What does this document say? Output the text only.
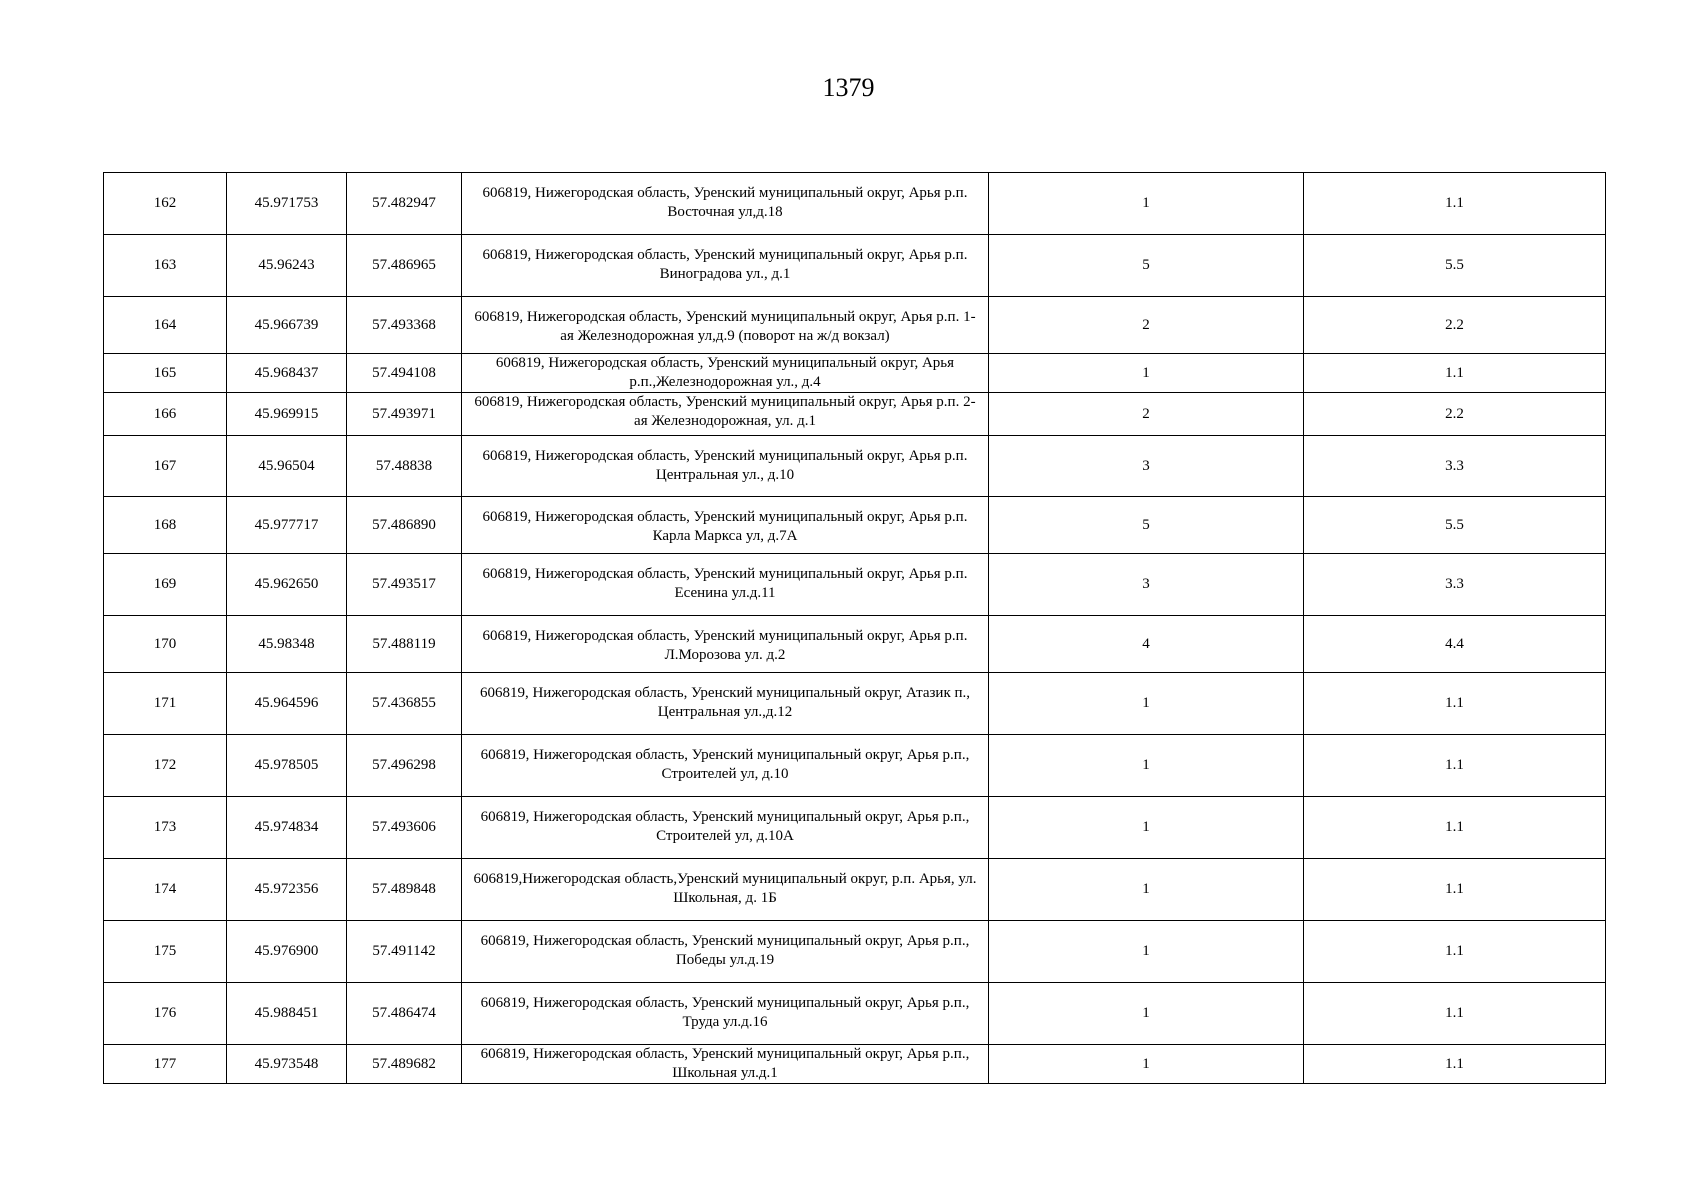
1379
162	45.971753	57.482947	606819, Нижегородская область, Уренский муниципальный округ, Арья р.п. Восточная ул,д.18	1	1.1
163	45.96243	57.486965	606819, Нижегородская область, Уренский муниципальный округ, Арья р.п. Виноградова ул., д.1	5	5.5
164	45.966739	57.493368	606819, Нижегородская область, Уренский муниципальный округ, Арья р.п. 1-ая Железнодорожная ул,д.9 (поворот на ж/д вокзал)	2	2.2
165	45.968437	57.494108	606819, Нижегородская область, Уренский муниципальный округ, Арья р.п.,Железнодорожная ул., д.4	1	1.1
166	45.969915	57.493971	606819, Нижегородская область, Уренский муниципальный округ, Арья р.п. 2-ая Железнодорожная, ул. д.1	2	2.2
167	45.96504	57.48838	606819, Нижегородская область, Уренский муниципальный округ, Арья р.п. Центральная ул., д.10	3	3.3
168	45.977717	57.486890	606819, Нижегородская область, Уренский муниципальный округ, Арья р.п. Карла Маркса ул, д.7А	5	5.5
169	45.962650	57.493517	606819, Нижегородская область, Уренский муниципальный округ, Арья р.п. Есенина ул.д.11	3	3.3
170	45.98348	57.488119	606819, Нижегородская область, Уренский муниципальный округ, Арья р.п. Л.Морозова ул. д.2	4	4.4
171	45.964596	57.436855	606819, Нижегородская область, Уренский муниципальный округ, Атазик п., Центральная ул.,д.12	1	1.1
172	45.978505	57.496298	606819, Нижегородская область, Уренский муниципальный округ, Арья р.п., Строителей ул, д.10	1	1.1
173	45.974834	57.493606	606819, Нижегородская область, Уренский муниципальный округ, Арья р.п., Строителей ул, д.10А	1	1.1
174	45.972356	57.489848	606819,Нижегородская область,Уренский муниципальный округ, р.п. Арья, ул. Школьная, д. 1Б	1	1.1
175	45.976900	57.491142	606819, Нижегородская область, Уренский муниципальный округ, Арья р.п., Победы ул.д.19	1	1.1
176	45.988451	57.486474	606819, Нижегородская область, Уренский муниципальный округ, Арья р.п., Труда ул.д.16	1	1.1
177	45.973548	57.489682	606819, Нижегородская область, Уренский муниципальный округ, Арья р.п., Школьная ул.д.1	1	1.1
